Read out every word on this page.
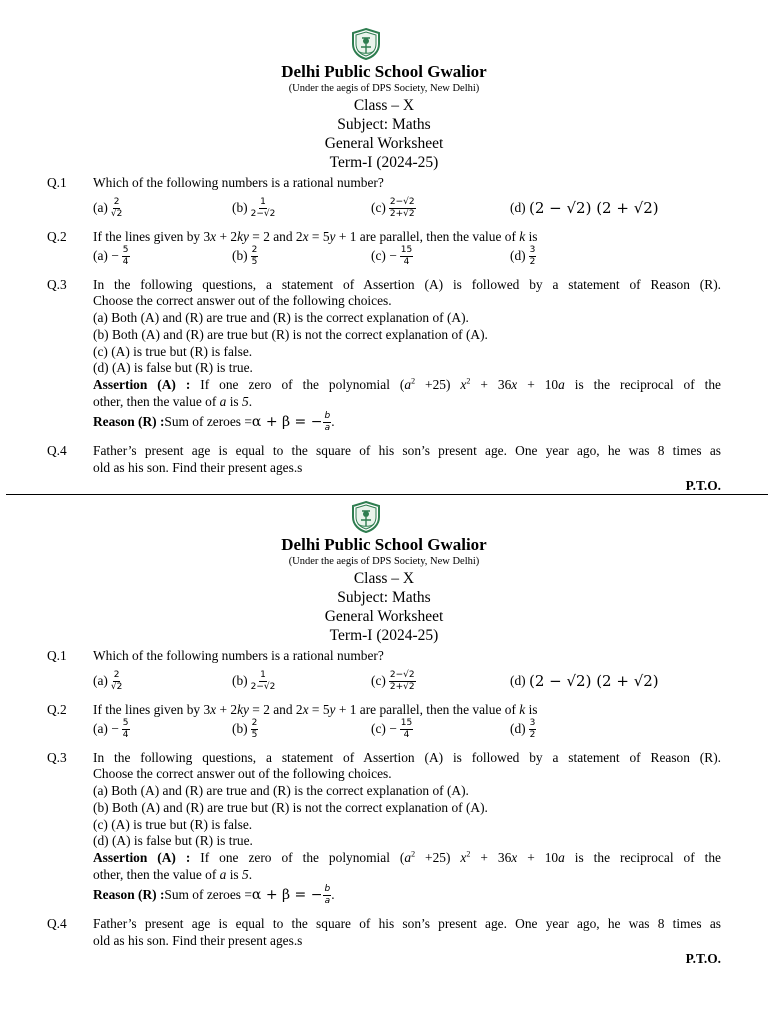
Delhi Public School Gwalior
(Under the aegis of DPS Society, New Delhi)
Class – X
Subject: Maths
General Worksheet
Term-I (2024-25)
Q.1 Which of the following numbers is a rational number?
$(a) \frac{2}{√2}$	$(b) \frac{1}{2-√2}$	$(c) \frac{2-√2}{2+√2}$	(d)
(2 − √2) (2 + √2)
Q.2 If the lines given by 3x + 2ky = 2 and 2x = 5y + 1 are parallel, then the value of k is
$(a) - \frac{5}{4}$	$(b) \frac{2}{5}$	$(c) - \frac{15}{4}$	$(d) \frac{3}{2}$
Q.3 In the following questions, a statement of Assertion (A) is followed by a statement of Reason (R).
Choose the correct answer out of the following choices.
(a) Both (A) and (R) are true and (R) is the correct explanation of (A).
(b) Both (A) and (R) are true but (R) is not the correct explanation of (A).
(c) (A) is true but (R) is false.
(d) (A) is false but (R) is true.
Assertion (A) : If one zero of the polynomial $(a^2 +25) x^2 + 36x + 10a$ is the reciprocal of the
other, then the value of a is 5.
Reason (R) : Sum of zeroes = α + β = − $\frac{b}{a}$ .
Q.4 Father’s present age is equal to the square of his son’s present age. One year ago, he was 8 times as
old as his son. Find their present ages.s
P.T.O.
Delhi Public School Gwalior
(Under the aegis of DPS Society, New Delhi)
Class – X
Subject: Maths
General Worksheet
Term-I (2024-25)
Q.1 Which of the following numbers is a rational number?
$(a) \frac{2}{√2}$	$(b) \frac{1}{2-√2}$	$(c) \frac{2-√2}{2+√2}$	(d)
(2 − √2) (2 + √2)
Q.2 If the lines given by 3x + 2ky = 2 and 2x = 5y + 1 are parallel, then the value of k is
$(a) - \frac{5}{4}$	$(b) \frac{2}{5}$	$(c) - \frac{15}{4}$	$(d) \frac{3}{2}$
Q.3 In the following questions, a statement of Assertion (A) is followed by a statement of Reason (R).
Choose the correct answer out of the following choices.
(a) Both (A) and (R) are true and (R) is the correct explanation of (A).
(b) Both (A) and (R) are true but (R) is not the correct explanation of (A).
(c) (A) is true but (R) is false.
(d) (A) is false but (R) is true.
Assertion (A) : If one zero of the polynomial $(a^2 +25) x^2 + 36x + 10a$ is the reciprocal of the
other, then the value of a is 5.
Reason (R) : Sum of zeroes = α + β = − $\frac{b}{a}$ .
Q.4 Father’s present age is equal to the square of his son’s present age. One year ago, he was 8 times as
old as his son. Find their present ages.s
P.T.O.
